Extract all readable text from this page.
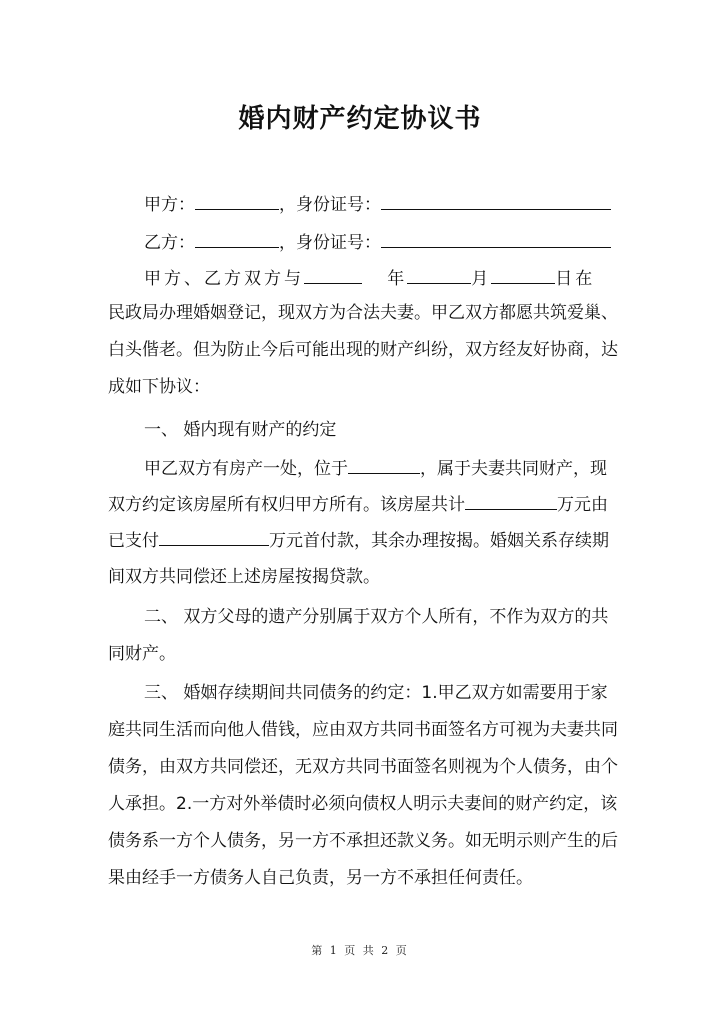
婚内财产约定协议书
甲方：	，身份证号：
乙方：	，身份证号：
甲方、乙方双方与	年	月	日在
民政局办理婚姻登记，现双方为合法夫妻。甲乙双方都愿共筑爱巢、
白头偕老。但为防止今后可能出现的财产纠纷，双方经友好协商，达
成如下协议：
一、 婚内现有财产的约定
甲乙双方有房产一处，位于	，属于夫妻共同财产，现
双方约定该房屋所有权归甲方所有。该房屋共计	万元由
已支付	万元首付款，其余办理按揭。婚姻关系存续期
间双方共同偿还上述房屋按揭贷款。
二、 双方父母的遗产分别属于双方个人所有，不作为双方的共
同财产。
三、 婚姻存续期间共同债务的约定：1.甲乙双方如需要用于家
庭共同生活而向他人借钱，应由双方共同书面签名方可视为夫妻共同
债务，由双方共同偿还，无双方共同书面签名则视为个人债务，由个
人承担。2.一方对外举债时必须向债权人明示夫妻间的财产约定，该
债务系一方个人债务，另一方不承担还款义务。如无明示则产生的后
果由经手一方债务人自己负责，另一方不承担任何责任。
第 1 页 共 2 页
